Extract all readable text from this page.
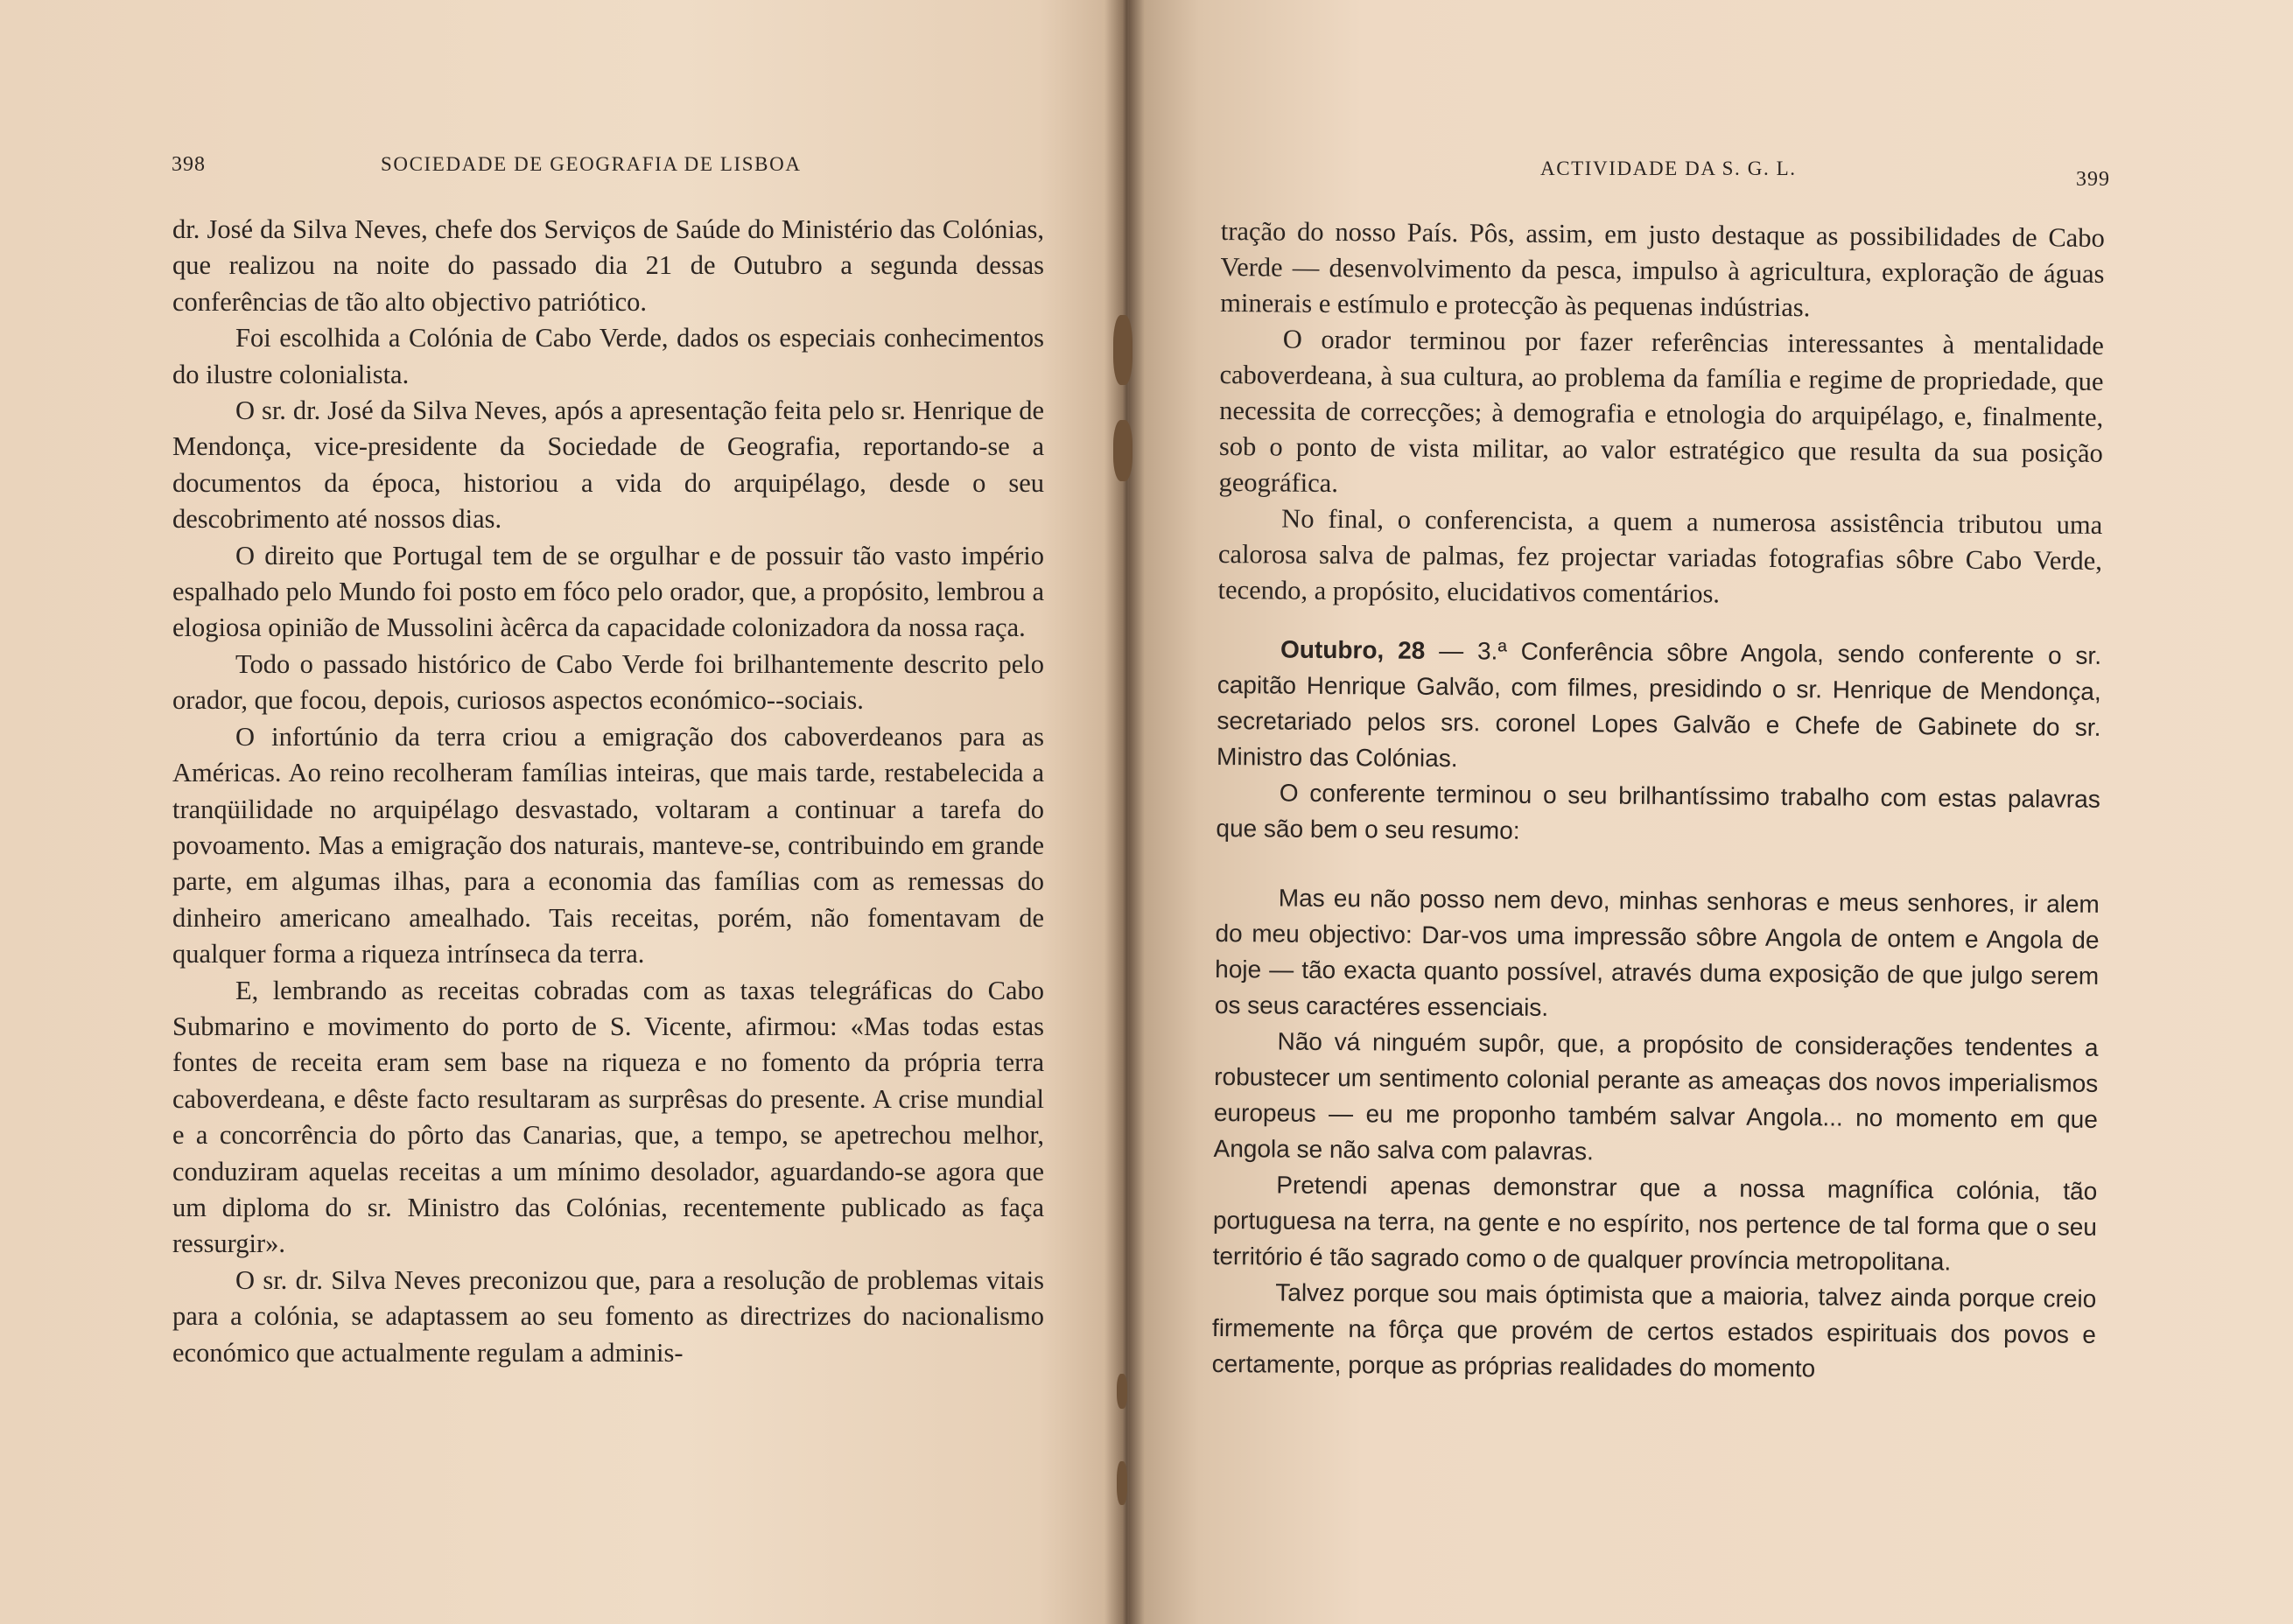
398	SOCIEDADE DE GEOGRAFIA DE LISBOA

dr. José da Silva Neves, chefe dos Serviços de Saúde do Ministério das Colónias, que realizou na noite do passado dia 21 de Outubro a segunda dessas conferências de tão alto objectivo patriótico.

Foi escolhida a Colónia de Cabo Verde, dados os especiais conhecimentos do ilustre colonialista.

O sr. dr. José da Silva Neves, após a apresentação feita pelo sr. Henrique de Mendonça, vice-presidente da Sociedade de Geografia, reportando-se a documentos da época, historiou a vida do arquipélago, desde o seu descobrimento até nossos dias.

O direito que Portugal tem de se orgulhar e de possuir tão vasto império espalhado pelo Mundo foi posto em fóco pelo orador, que, a propósito, lembrou a elogiosa opinião de Mussolini àcêrca da capacidade colonizadora da nossa raça.

Todo o passado histórico de Cabo Verde foi brilhantemente descrito pelo orador, que focou, depois, curiosos aspectos económico--sociais.

O infortúnio da terra criou a emigração dos caboverdeanos para as Américas. Ao reino recolheram famílias inteiras, que mais tarde, restabelecida a tranqüilidade no arquipélago desvastado, voltaram a continuar a tarefa do povoamento. Mas a emigração dos naturais, manteve-se, contribuindo em grande parte, em algumas ilhas, para a economia das famílias com as remessas do dinheiro americano amealhado. Tais receitas, porém, não fomentavam de qualquer forma a riqueza intrínseca da terra.

E, lembrando as receitas cobradas com as taxas telegráficas do Cabo Submarino e movimento do porto de S. Vicente, afirmou: «Mas todas estas fontes de receita eram sem base na riqueza e no fomento da própria terra caboverdeana, e dêste facto resultaram as surprêsas do presente. A crise mundial e a concorrência do pôrto das Canarias, que, a tempo, se apetrechou melhor, conduziram aquelas receitas a um mínimo desolador, aguardando-se agora que um diploma do sr. Ministro das Colónias, recentemente publicado as faça ressurgir».

O sr. dr. Silva Neves preconizou que, para a resolução de problemas vitais para a colónia, se adaptassem ao seu fomento as directrizes do nacionalismo económico que actualmente regulam a adminis-

ACTIVIDADE DA S. G. L.	399

tração do nosso País. Pôs, assim, em justo destaque as possibilidades de Cabo Verde — desenvolvimento da pesca, impulso à agricultura, exploração de águas minerais e estímulo e protecção às pequenas indústrias.

O orador terminou por fazer referências interessantes à mentalidade caboverdeana, à sua cultura, ao problema da família e regime de propriedade, que necessita de correcções; à demografia e etnologia do arquipélago, e, finalmente, sob o ponto de vista militar, ao valor estratégico que resulta da sua posição geográfica.

No final, o conferencista, a quem a numerosa assistência tributou uma calorosa salva de palmas, fez projectar variadas fotografias sôbre Cabo Verde, tecendo, a propósito, elucidativos comentários.

Outubro, 28 — 3.ª Conferência sôbre Angola, sendo conferente o sr. capitão Henrique Galvão, com filmes, presidindo o sr. Henrique de Mendonça, secretariado pelos srs. coronel Lopes Galvão e Chefe de Gabinete do sr. Ministro das Colónias.

O conferente terminou o seu brilhantíssimo trabalho com estas palavras que são bem o seu resumo:

Mas eu não posso nem devo, minhas senhoras e meus senhores, ir alem do meu objectivo: Dar-vos uma impressão sôbre Angola de ontem e Angola de hoje — tão exacta quanto possível, através duma exposição de que julgo serem os seus caractéres essenciais.

Não vá ninguém supôr, que, a propósito de considerações tendentes a robustecer um sentimento colonial perante as ameaças dos novos imperialismos europeus — eu me proponho também salvar Angola... no momento em que Angola se não salva com palavras.

Pretendi apenas demonstrar que a nossa magnífica colónia, tão portuguesa na terra, na gente e no espírito, nos pertence de tal forma que o seu território é tão sagrado como o de qualquer província metropolitana.

Talvez porque sou mais óptimista que a maioria, talvez ainda porque creio firmemente na fôrça que provém de certos estados espirituais dos povos e certamente, porque as próprias realidades do momento
